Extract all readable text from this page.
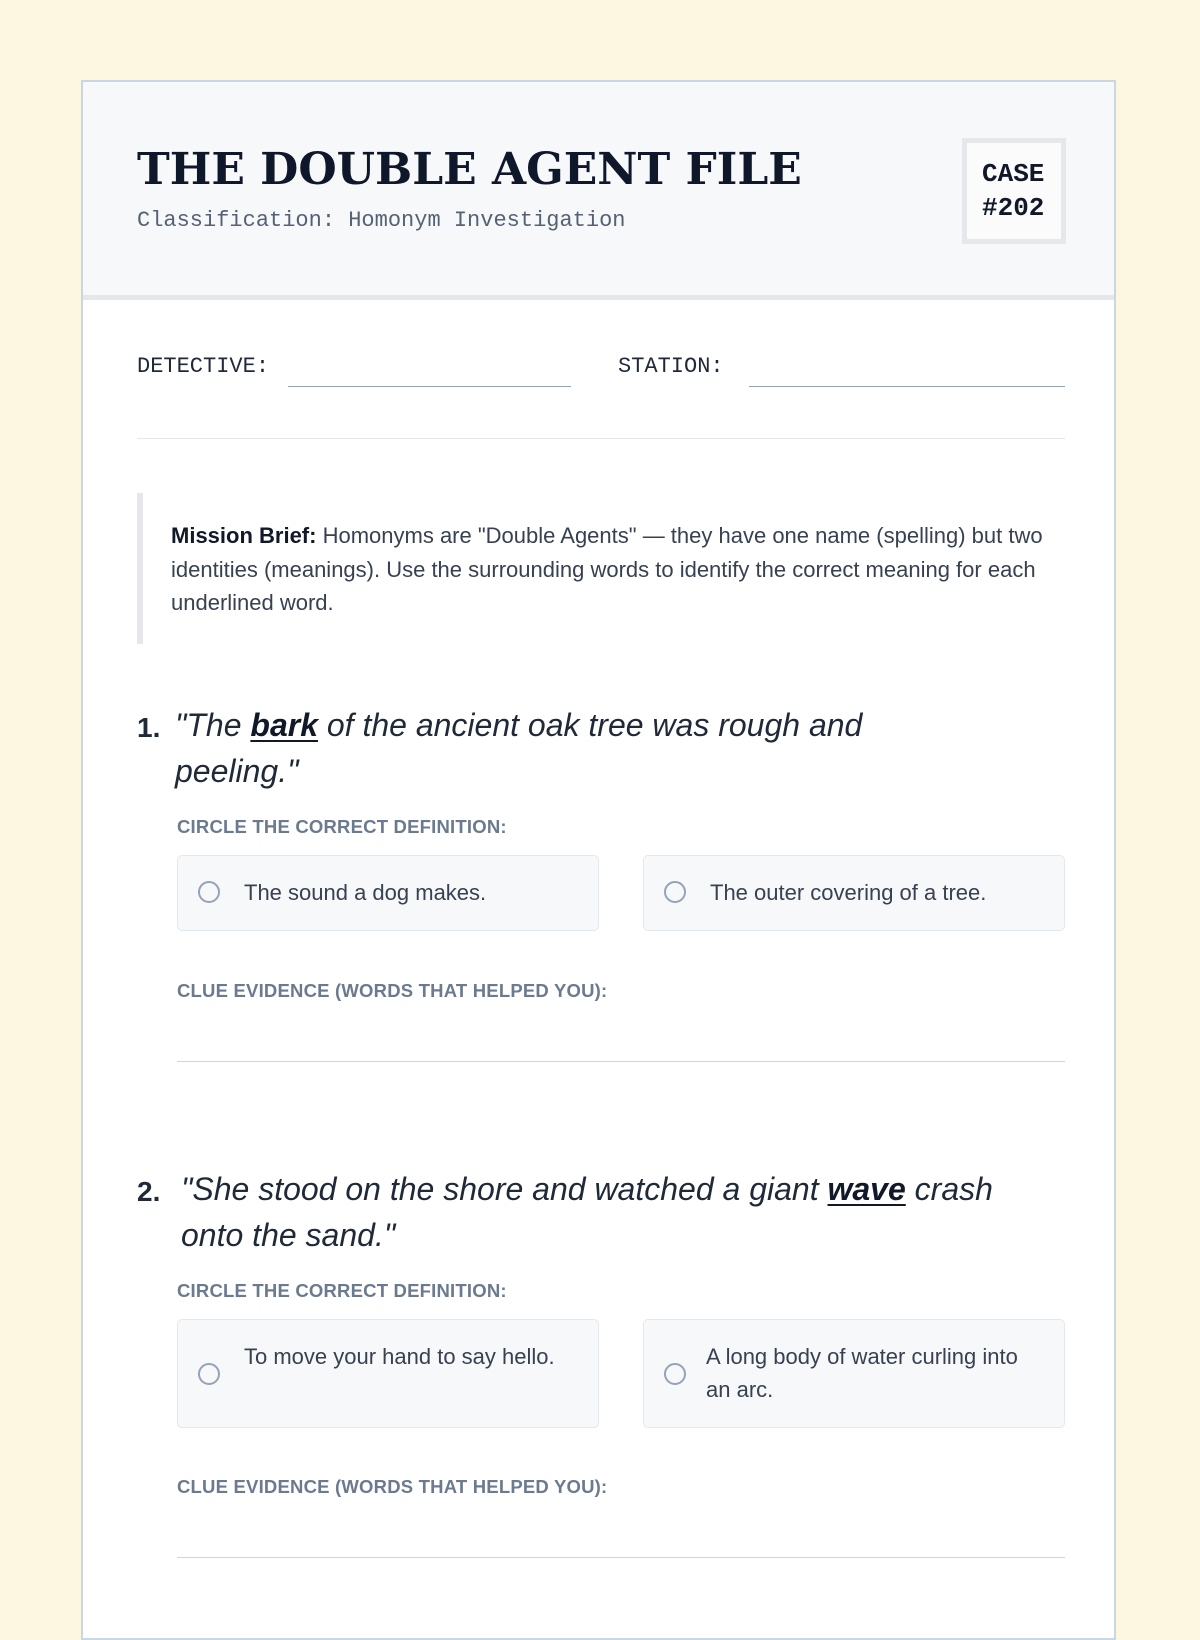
THE DOUBLE AGENT FILE
Classification: Homonym Investigation
CASE
#202
DETECTIVE:	STATION:
Mission Brief: Homonyms are "Double Agents" — they have one name (spelling) but two identities (meanings). Use the surrounding words to identify the correct meaning for each underlined word.
1. "The bark of the ancient oak tree was rough and peeling."
CIRCLE THE CORRECT DEFINITION:
The sound a dog makes.	The outer covering of a tree.
CLUE EVIDENCE (WORDS THAT HELPED YOU):
2. "She stood on the shore and watched a giant wave crash onto the sand."
CIRCLE THE CORRECT DEFINITION:
To move your hand to say hello.	A long body of water curling into an arc.
CLUE EVIDENCE (WORDS THAT HELPED YOU):
